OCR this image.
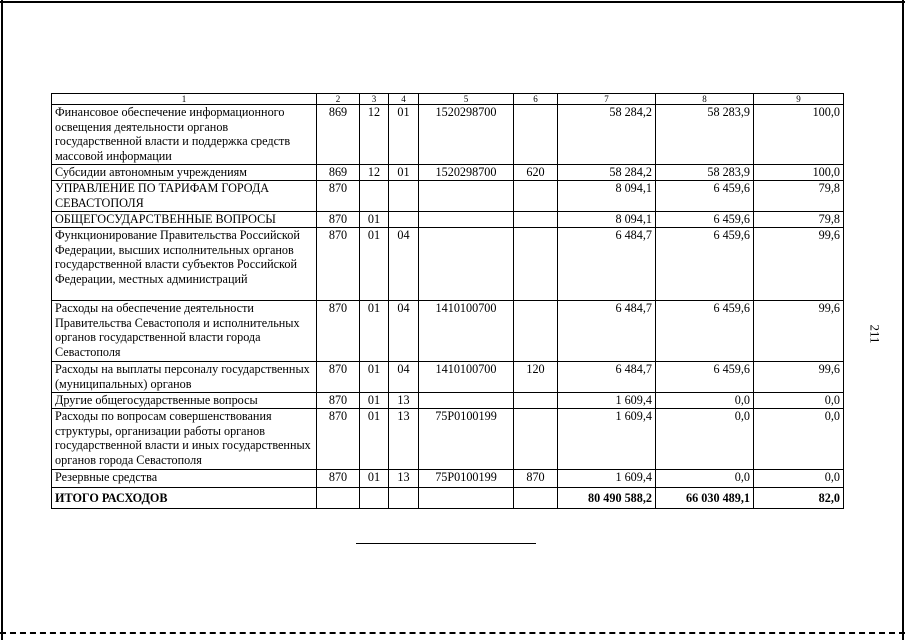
1	2	3	4	5	6	7	8	9
Финансовое обеспечение информационного освещения деятельности органов государственной власти и поддержка средств массовой информации	869	12	01	1520298700		58 284,2	58 283,9	100,0
Субсидии автономным учреждениям	869	12	01	1520298700	620	58 284,2	58 283,9	100,0
УПРАВЛЕНИЕ ПО ТАРИФАМ ГОРОДА СЕВАСТОПОЛЯ	870					8 094,1	6 459,6	79,8
ОБЩЕГОСУДАРСТВЕННЫЕ ВОПРОСЫ	870	01				8 094,1	6 459,6	79,8
Функционирование Правительства Российской Федерации, высших исполнительных органов государственной власти субъектов Российской Федерации, местных администраций	870	01	04			6 484,7	6 459,6	99,6
Расходы на обеспечение деятельности Правительства Севастополя и исполнительных органов государственной власти города Севастополя	870	01	04	1410100700		6 484,7	6 459,6	99,6
Расходы на выплаты персоналу государственных (муниципальных) органов	870	01	04	1410100700	120	6 484,7	6 459,6	99,6
Другие общегосударственные вопросы	870	01	13			1 609,4	0,0	0,0
Расходы по вопросам совершенствования структуры, организации работы органов государственной власти и иных государственных органов города Севастополя	870	01	13	75Р0100199		1 609,4	0,0	0,0
Резервные средства	870	01	13	75Р0100199	870	1 609,4	0,0	0,0
ИТОГО РАСХОДОВ						80 490 588,2	66 030 489,1	82,0
211
